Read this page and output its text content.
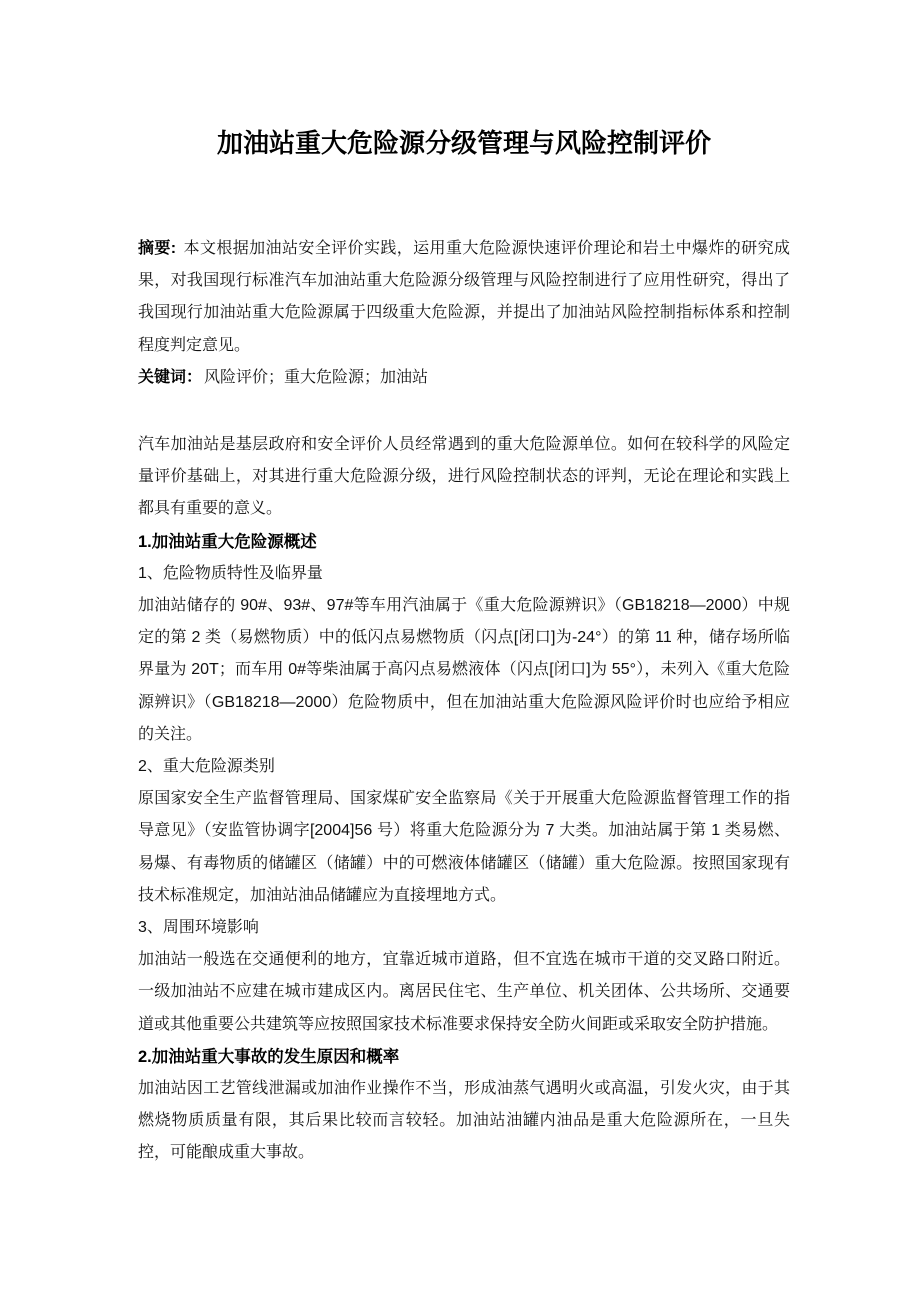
加油站重大危险源分级管理与风险控制评价

摘要: 本文根据加油站安全评价实践，运用重大危险源快速评价理论和岩土中爆炸的研究成果，对我国现行标准汽车加油站重大危险源分级管理与风险控制进行了应用性研究，得出了我国现行加油站重大危险源属于四级重大危险源，并提出了加油站风险控制指标体系和控制程度判定意见。

关键词： 风险评价；重大危险源；加油站

汽车加油站是基层政府和安全评价人员经常遇到的重大危险源单位。如何在较科学的风险定量评价基础上，对其进行重大危险源分级，进行风险控制状态的评判，无论在理论和实践上都具有重要的意义。

1.加油站重大危险源概述

1、危险物质特性及临界量

加油站储存的 90#、93#、97#等车用汽油属于《重大危险源辨识》（GB18218—2000）中规定的第 2 类（易燃物质）中的低闪点易燃物质（闪点[闭口]为-24°）的第 11 种，储存场所临界量为 20T；而车用 0#等柴油属于高闪点易燃液体（闪点[闭口]为 55°），未列入《重大危险源辨识》（GB18218—2000）危险物质中，但在加油站重大危险源风险评价时也应给予相应的关注。

2、重大危险源类别

原国家安全生产监督管理局、国家煤矿安全监察局《关于开展重大危险源监督管理工作的指导意见》（安监管协调字[2004]56 号）将重大危险源分为 7 大类。加油站属于第 1 类易燃、易爆、有毒物质的储罐区（储罐）中的可燃液体储罐区（储罐）重大危险源。按照国家现有技术标准规定，加油站油品储罐应为直接埋地方式。

3、周围环境影响

加油站一般选在交通便利的地方，宜靠近城市道路，但不宜选在城市干道的交叉路口附近。一级加油站不应建在城市建成区内。离居民住宅、生产单位、机关团体、公共场所、交通要道或其他重要公共建筑等应按照国家技术标准要求保持安全防火间距或采取安全防护措施。

2.加油站重大事故的发生原因和概率

加油站因工艺管线泄漏或加油作业操作不当，形成油蒸气遇明火或高温，引发火灾，由于其燃烧物质质量有限，其后果比较而言较轻。加油站油罐内油品是重大危险源所在，一旦失控，可能酿成重大事故。
